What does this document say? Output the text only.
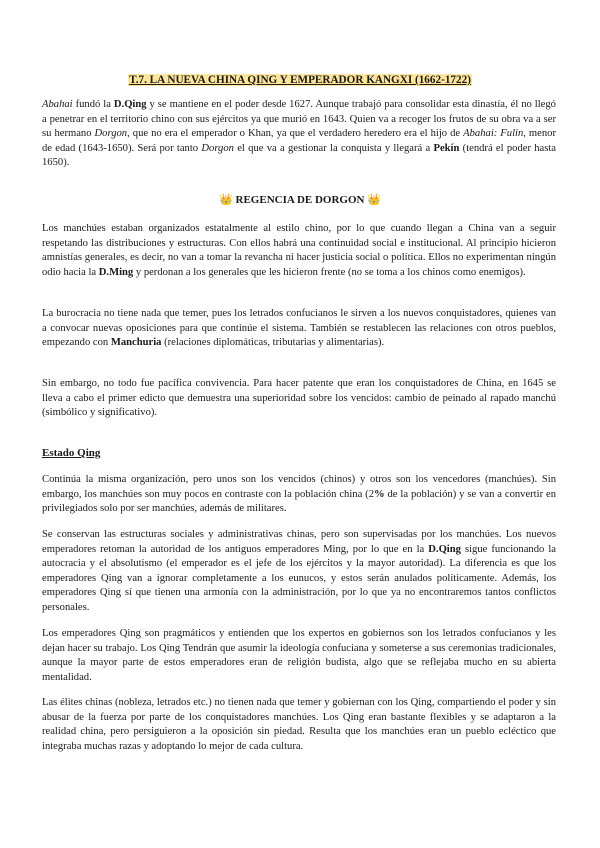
T.7. LA NUEVA CHINA QING Y EMPERADOR KANGXI (1662-1722)

Abahai fundó la D.Qing y se mantiene en el poder desde 1627. Aunque trabajó para consolidar esta dinastía, él no llegó a penetrar en el territorio chino con sus ejércitos ya que murió en 1643. Quien va a recoger los frutos de su obra va a ser su hermano Dorgon, que no era el emperador o Khan, ya que el verdadero heredero era el hijo de Abahai: Fulin, menor de edad (1643-1650). Será por tanto Dorgon el que va a gestionar la conquista y llegará a Pekín (tendrá el poder hasta 1650).

👑 REGENCIA DE DORGON 👑

Los manchúes estaban organizados estatalmente al estilo chino, por lo que cuando llegan a China van a seguir respetando las distribuciones y estructuras. Con ellos habrá una continuidad social e institucional. Al principio hicieron amnistías generales, es decir, no van a tomar la revancha ni hacer justicia social o política. Ellos no experimentan ningún odio hacia la D.Ming y perdonan a los generales que les hicieron frente (no se toma a los chinos como enemigos).

La burocracia no tiene nada que temer, pues los letrados confucianos le sirven a los nuevos conquistadores, quienes van a convocar nuevas oposiciones para que continúe el sistema. También se restablecen las relaciones con otros pueblos, empezando con Manchuria (relaciones diplomáticas, tributarias y alimentarias).

Sin embargo, no todo fue pacífica convivencia. Para hacer patente que eran los conquistadores de China, en 1645 se lleva a cabo el primer edicto que demuestra una superioridad sobre los vencidos: cambio de peinado al rapado manchú (simbólico y significativo).

Estado Qing

Continúa la misma organización, pero unos son los vencidos (chinos) y otros son los vencedores (manchúes). Sin embargo, los manchúes son muy pocos en contraste con la población china (2% de la población) y se van a convertir en privilegiados solo por ser manchúes, además de militares.

Se conservan las estructuras sociales y administrativas chinas, pero son supervisadas por los manchúes. Los nuevos emperadores retoman la autoridad de los antiguos emperadores Ming, por lo que en la D.Qing sigue funcionando la autocracia y el absolutismo (el emperador es el jefe de los ejércitos y la mayor autoridad). La diferencia es que los emperadores Qing van a ignorar completamente a los eunucos, y estos serán anulados políticamente. Además, los emperadores Qing sí que tienen una armonía con la administración, por lo que ya no encontraremos tantos conflictos personales.

Los emperadores Qing son pragmáticos y entienden que los expertos en gobiernos son los letrados confucianos y les dejan hacer su trabajo. Los Qing Tendrán que asumir la ideología confuciana y someterse a sus ceremonias tradicionales, aunque la mayor parte de estos emperadores eran de religión budista, algo que se reflejaba mucho en su abierta mentalidad.

Las élites chinas (nobleza, letrados etc.) no tienen nada que temer y gobiernan con los Qing, compartiendo el poder y sin abusar de la fuerza por parte de los conquistadores manchúes. Los Qing eran bastante flexibles y se adaptaron a la realidad china, pero persiguieron a la oposición sin piedad. Resulta que los manchúes eran un pueblo ecléctico que integraba muchas razas y adoptando lo mejor de cada cultura.
